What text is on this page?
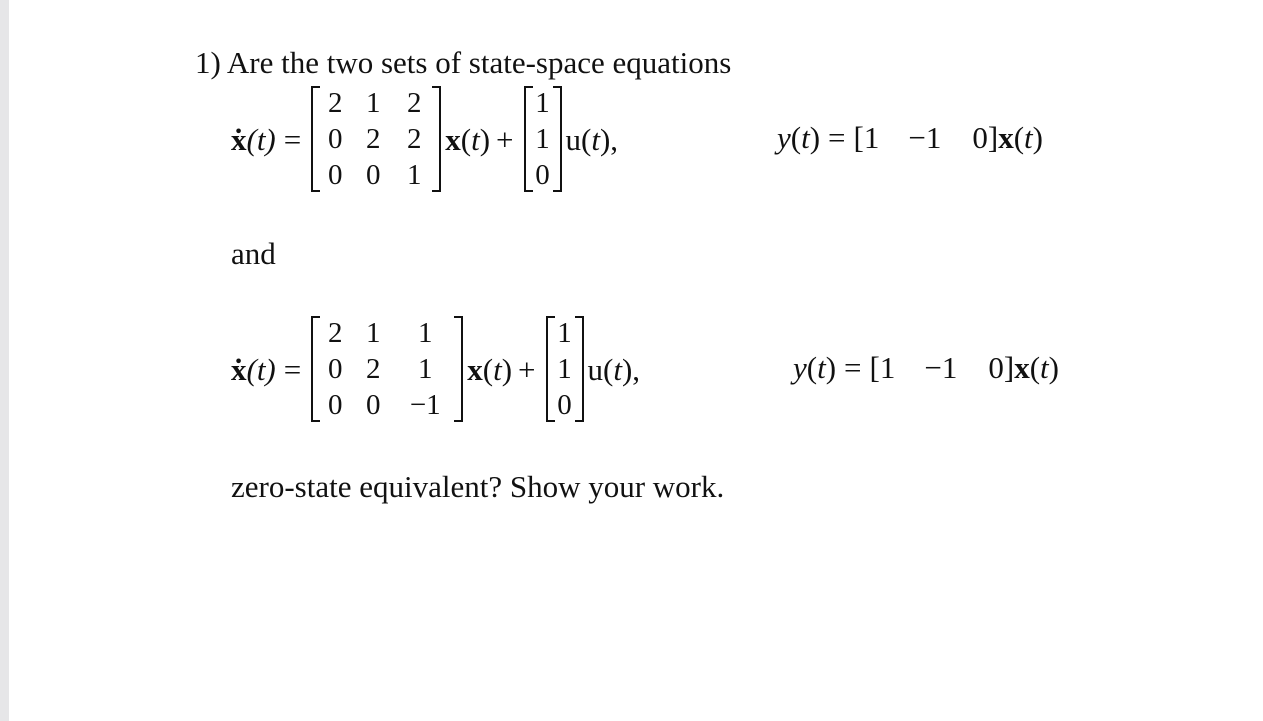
1) Are the two sets of state-space equations
x (t) =
2 1 2
0 2 2
0 0 1
x (t) +
1
1
0
u (t),	y (t) = [ 1 −1	0 ] x (t)
and
x (t) =
2 1	1
0 2	1
0 0	−1
x (t) +
1
1
0
u (t),	y (t) = [ 1 −1	0 ] x (t)
zero-state equivalent? Show your work.
